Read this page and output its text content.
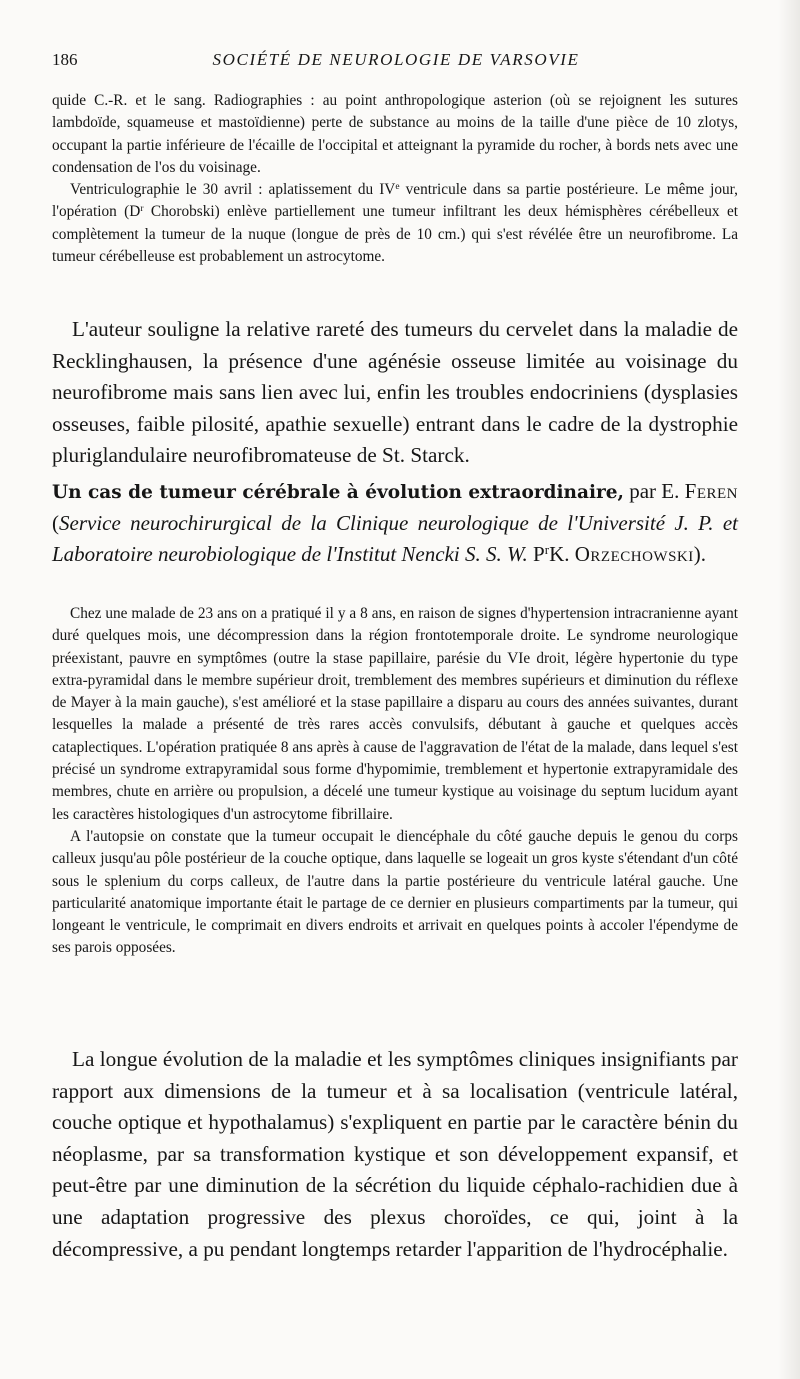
186	SOCIÉTÉ DE NEUROLOGIE DE VARSOVIE

quide C.-R. et le sang. Radiographies : au point anthropologique asterion (où se rejoignent les sutures lambdoïde, squameuse et mastoïdienne) perte de substance au moins de la taille d'une pièce de 10 zlotys, occupant la partie inférieure de l'écaille de l'occipital et atteignant la pyramide du rocher, à bords nets avec une condensation de l'os du voisinage.

Ventriculographie le 30 avril : aplatissement du IVe ventricule dans sa partie postérieure. Le même jour, l'opération ($D^r$ Chorobski) enlève partiellement une tumeur infiltrant les deux hémisphères cérébelleux et complètement la tumeur de la nuque (longue de près de 10 cm.) qui s'est révélée être un neurofibrome. La tumeur cérébelleuse est probablement un astrocytome.

L'auteur souligne la relative rareté des tumeurs du cervelet dans la maladie de Recklinghausen, la présence d'une agénésie osseuse limitée au voisinage du neurofibrome mais sans lien avec lui, enfin les troubles endocriniens (dysplasies osseuses, faible pilosité, apathie sexuelle) entrant dans le cadre de la dystrophie pluriglandulaire neurofibromateuse de St. Starck.

Un cas de tumeur cérébrale à évolution extraordinaire, par E. Feren (Service neurochirurgical de la Clinique neurologique de l'Université J. P. et Laboratoire neurobiologique de l'Institut Nencki S. S. W. $P^rK$. Orzechowski).

Chez une malade de 23 ans on a pratiqué il y a 8 ans, en raison de signes d'hypertension intracranienne ayant duré quelques mois, une décompression dans la région frontotemporale droite. Le syndrome neurologique préexistant, pauvre en symptômes (outre la stase papillaire, parésie du VIe droit, légère hypertonie du type extra-pyramidal dans le membre supérieur droit, tremblement des membres supérieurs et diminution du réflexe de Mayer à la main gauche), s'est amélioré et la stase papillaire a disparu au cours des années suivantes, durant lesquelles la malade a présenté de très rares accès convulsifs, débutant à gauche et quelques accès cataplectiques. L'opération pratiquée 8 ans après à cause de l'aggravation de l'état de la malade, dans lequel s'est précisé un syndrome extrapyramidal sous forme d'hypomimie, tremblement et hypertonie extrapyramidale des membres, chute en arrière ou propulsion, a décelé une tumeur kystique au voisinage du septum lucidum ayant les caractères histologiques d'un astrocytome fibrillaire.

A l'autopsie on constate que la tumeur occupait le diencéphale du côté gauche depuis le genou du corps calleux jusqu'au pôle postérieur de la couche optique, dans laquelle se logeait un gros kyste s'étendant d'un côté sous le splenium du corps calleux, de l'autre dans la partie postérieure du ventricule latéral gauche. Une particularité anatomique importante était le partage de ce dernier en plusieurs compartiments par la tumeur, qui longeant le ventricule, le comprimait en divers endroits et arrivait en quelques points à accoler l'épendyme de ses parois opposées.

La longue évolution de la maladie et les symptômes cliniques insignifiants par rapport aux dimensions de la tumeur et à sa localisation (ventricule latéral, couche optique et hypothalamus) s'expliquent en partie par le caractère bénin du néoplasme, par sa transformation kystique et son développement expansif, et peut-être par une diminution de la sécrétion du liquide céphalo-rachidien due à une adaptation progressive des plexus choroïdes, ce qui, joint à la décompressive, a pu pendant longtemps retarder l'apparition de l'hydrocéphalie.
